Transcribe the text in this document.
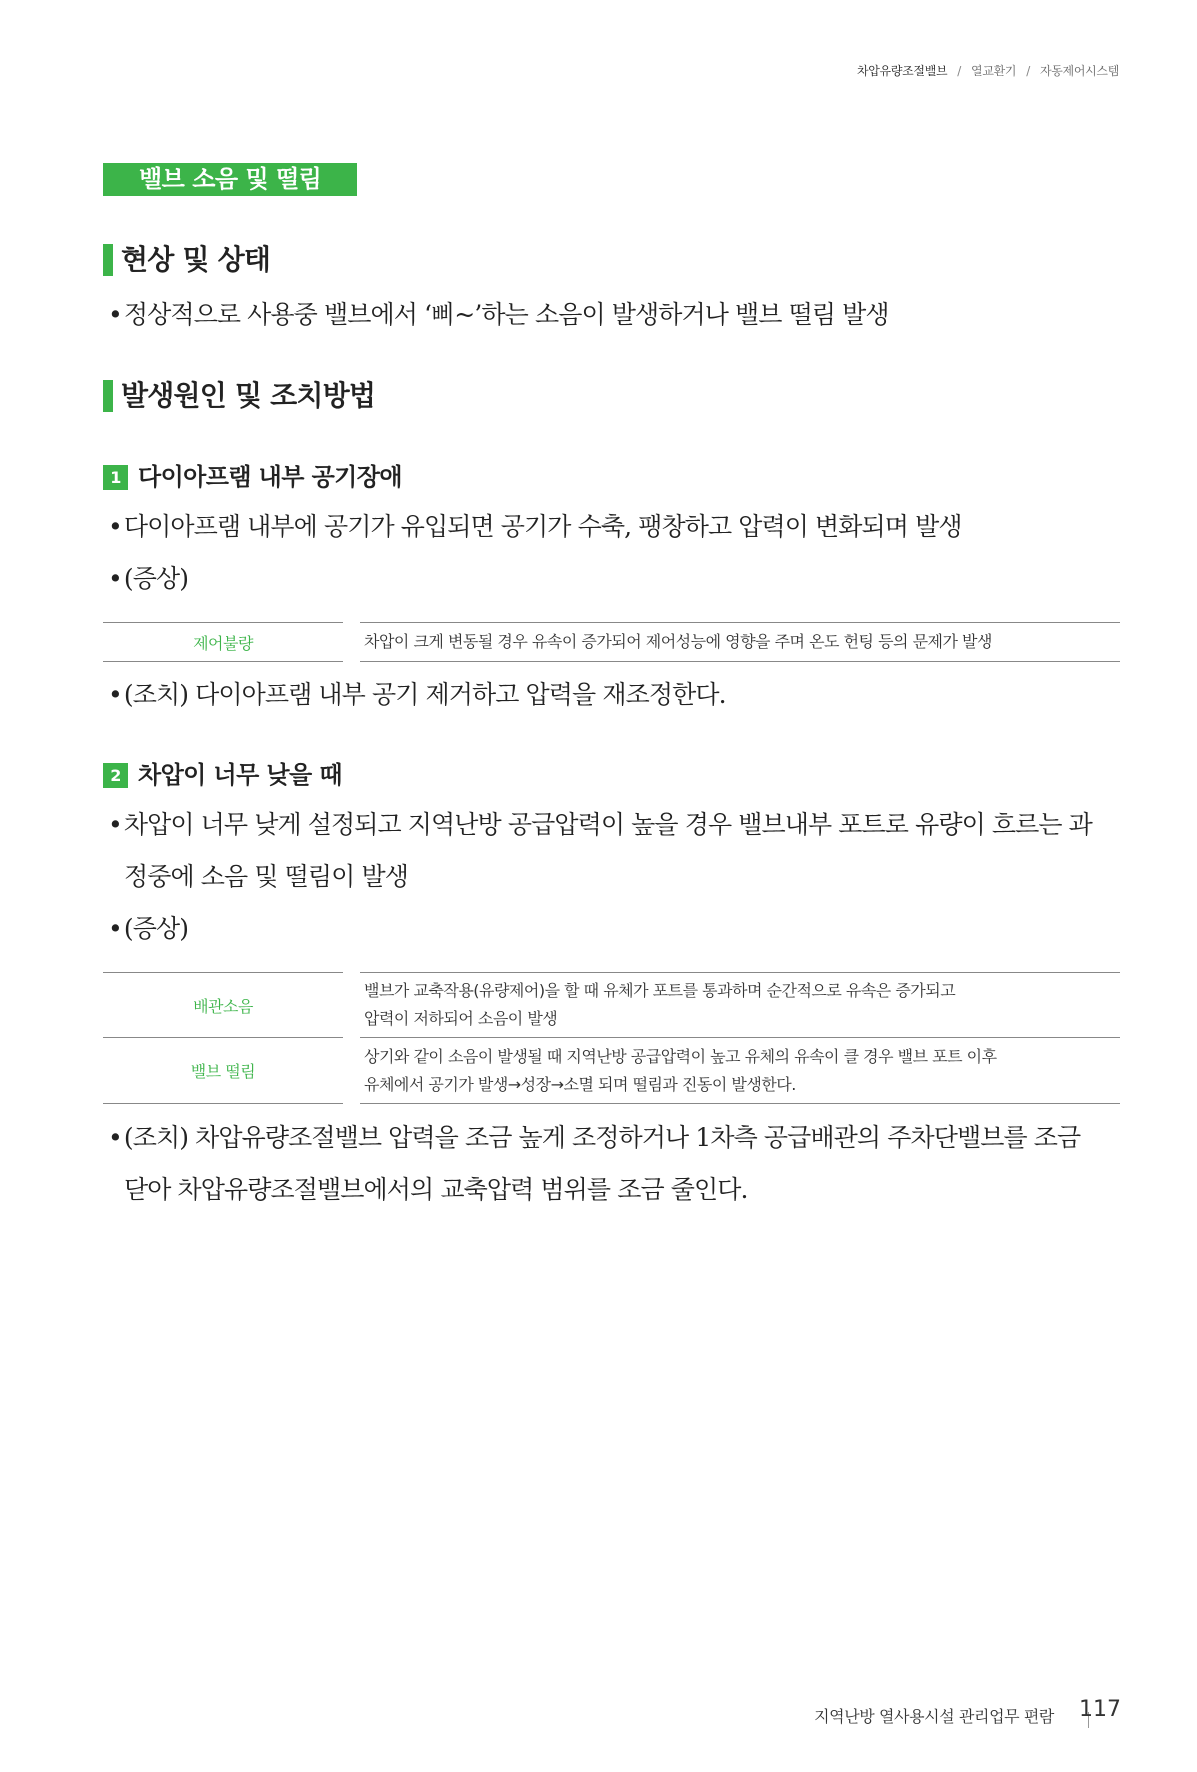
차압유량조절밸브 / 열교환기 / 자동제어시스템
밸브 소음 및 떨림
현상 및 상태
•정상적으로 사용중 밸브에서 ‘삐~’하는 소음이 발생하거나 밸브 떨림 발생
발생원인 및 조치방법
1 다이아프램 내부 공기장애
•다이아프램 내부에 공기가 유입되면 공기가 수축, 팽창하고 압력이 변화되며 발생
•(증상)
제어불량		차압이 크게 변동될 경우 유속이 증가되어 제어성능에 영향을 주며 온도 헌팅 등의 문제가 발생
•(조치) 다이아프램 내부 공기 제거하고 압력을 재조정한다.
2 차압이 너무 낮을 때
•차압이 너무 낮게 설정되고 지역난방 공급압력이 높을 경우 밸브내부 포트로 유량이 흐르는 과
정중에 소음 및 떨림이 발생
•(증상)
배관소음		밸브가 교축작용(유량제어)을 할 때 유체가 포트를 통과하며 순간적으로 유속은 증가되고
압력이 저하되어 소음이 발생

밸브 떨림		상기와 같이 소음이 발생될 때 지역난방 공급압력이 높고 유체의 유속이 클 경우 밸브 포트 이후
유체에서 공기가 발생→성장→소멸 되며 떨림과 진동이 발생한다.
•(조치) 차압유량조절밸브 압력을 조금 높게 조정하거나 1차측 공급배관의 주차단밸브를 조금
닫아 차압유량조절밸브에서의 교축압력 범위를 조금 줄인다.
지역난방 열사용시설 관리업무 편람 117
